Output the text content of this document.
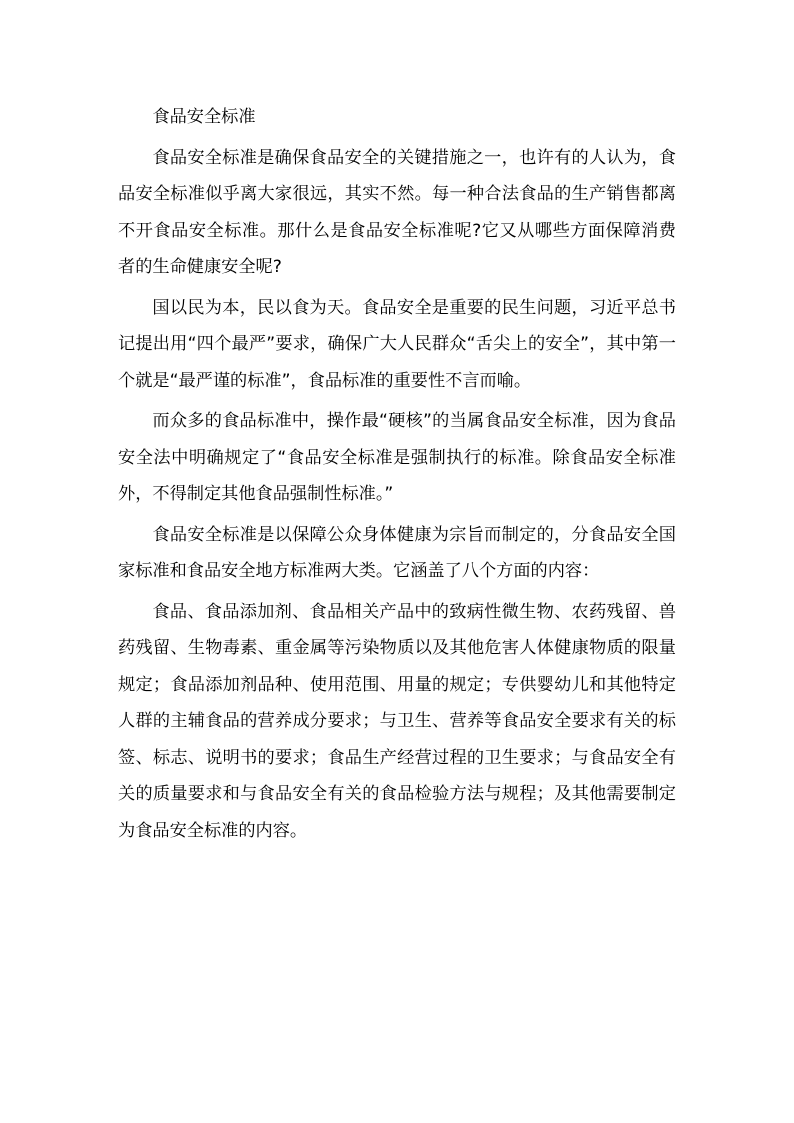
食品安全标准

食品安全标准是确保食品安全的关键措施之一，也许有的人认为，食品安全标准似乎离大家很远，其实不然。每一种合法食品的生产销售都离不开食品安全标准。那什么是食品安全标准呢?它又从哪些方面保障消费者的生命健康安全呢?

国以民为本，民以食为天。食品安全是重要的民生问题，习近平总书记提出用“四个最严”要求，确保广大人民群众“舌尖上的安全”，其中第一个就是“最严谨的标准”，食品标准的重要性不言而喻。

而众多的食品标准中，操作最“硬核”的当属食品安全标准，因为食品安全法中明确规定了“食品安全标准是强制执行的标准。除食品安全标准外，不得制定其他食品强制性标准。”

食品安全标准是以保障公众身体健康为宗旨而制定的，分食品安全国家标准和食品安全地方标准两大类。它涵盖了八个方面的内容：

食品、食品添加剂、食品相关产品中的致病性微生物、农药残留、兽药残留、生物毒素、重金属等污染物质以及其他危害人体健康物质的限量规定；食品添加剂品种、使用范围、用量的规定；专供婴幼儿和其他特定人群的主辅食品的营养成分要求；与卫生、营养等食品安全要求有关的标签、标志、说明书的要求；食品生产经营过程的卫生要求；与食品安全有关的质量要求和与食品安全有关的食品检验方法与规程；及其他需要制定为食品安全标准的内容。
